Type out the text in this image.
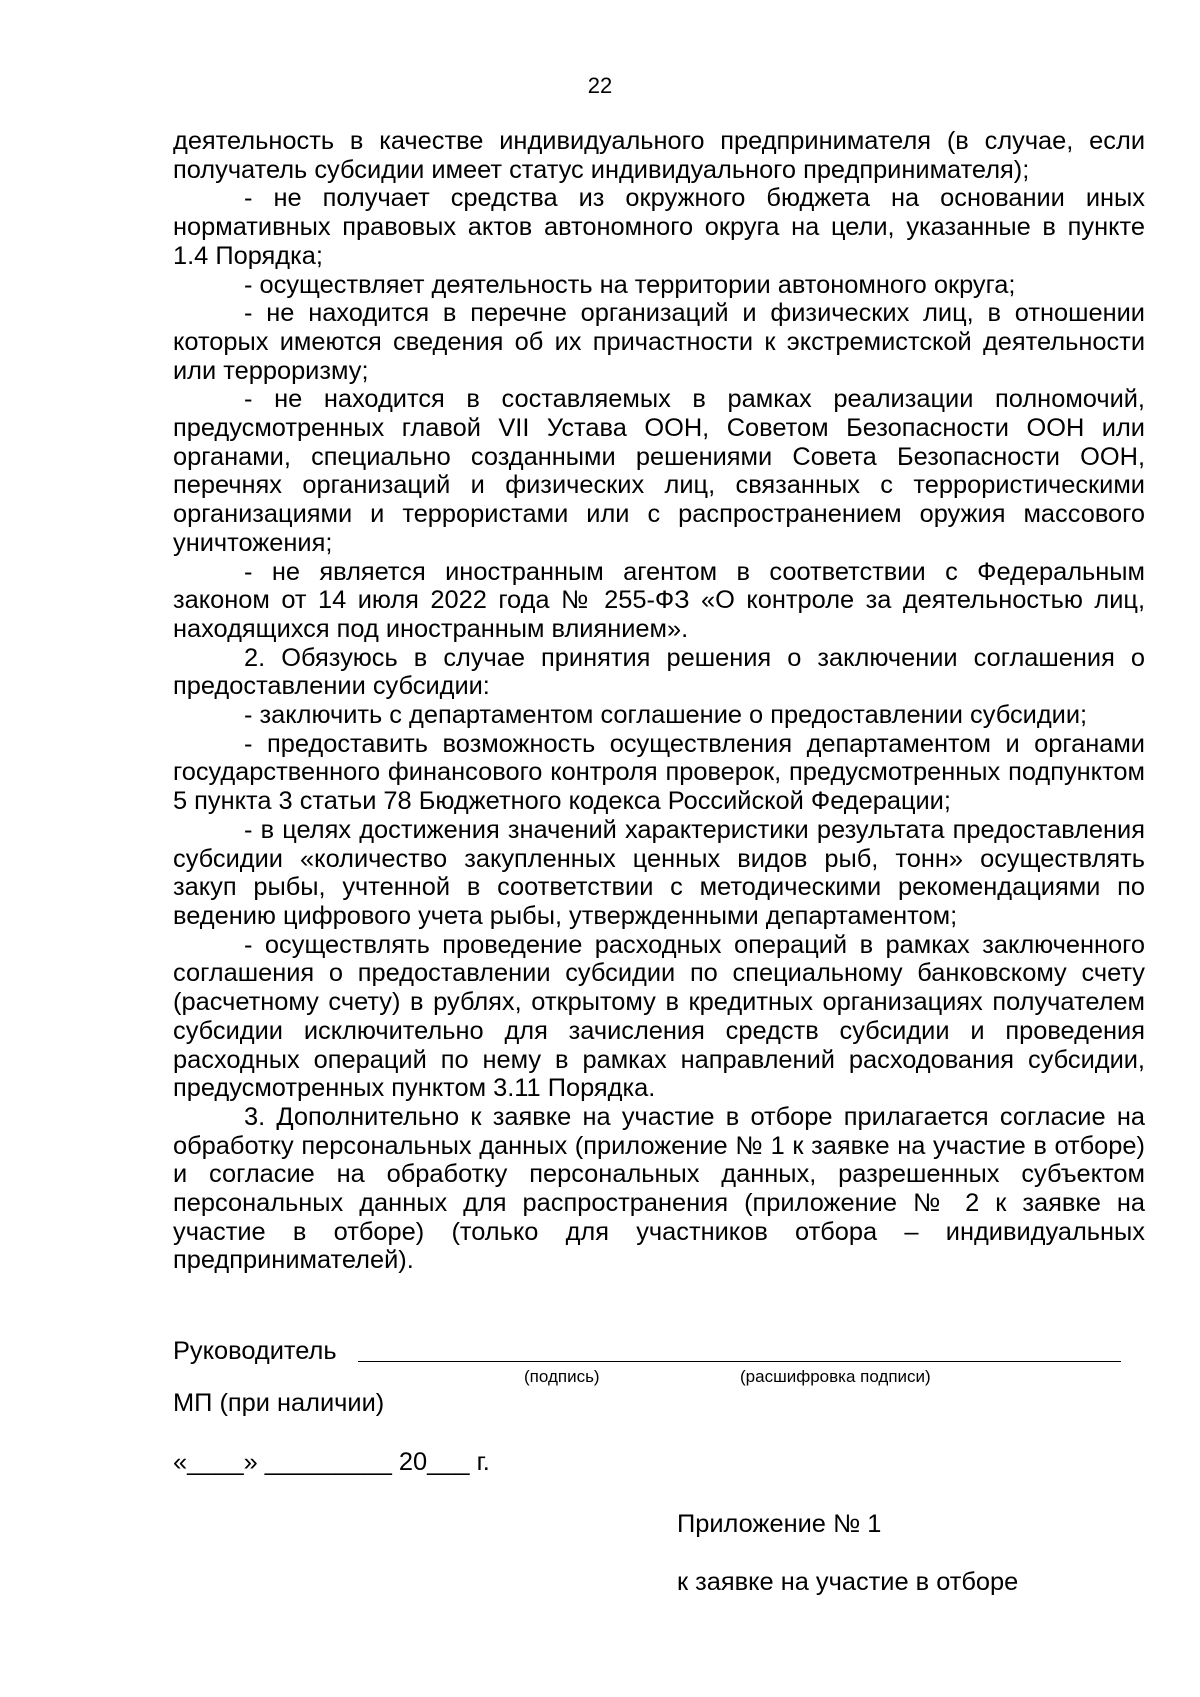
22

деятельность в качестве индивидуального предпринимателя (в случае, если получатель субсидии имеет статус индивидуального предпринимателя);

- не получает средства из окружного бюджета на основании иных нормативных правовых актов автономного округа на цели, указанные в пункте 1.4 Порядка;

- осуществляет деятельность на территории автономного округа;

- не находится в перечне организаций и физических лиц, в отношении которых имеются сведения об их причастности к экстремистской деятельности или терроризму;

- не находится в составляемых в рамках реализации полномочий, предусмотренных главой VII Устава ООН, Советом Безопасности ООН или органами, специально созданными решениями Совета Безопасности ООН, перечнях организаций и физических лиц, связанных с террористическими организациями и террористами или с распространением оружия массового уничтожения;

- не является иностранным агентом в соответствии с Федеральным законом от 14 июля 2022 года № 255-ФЗ «О контроле за деятельностью лиц, находящихся под иностранным влиянием».

2. Обязуюсь в случае принятия решения о заключении соглашения о предоставлении субсидии:

- заключить с департаментом соглашение о предоставлении субсидии;

- предоставить возможность осуществления департаментом и органами государственного финансового контроля проверок, предусмотренных подпунктом 5 пункта 3 статьи 78 Бюджетного кодекса Российской Федерации;

- в целях достижения значений характеристики результата предоставления субсидии «количество закупленных ценных видов рыб, тонн» осуществлять закуп рыбы, учтенной в соответствии с методическими рекомендациями по ведению цифрового учета рыбы, утвержденными департаментом;

- осуществлять проведение расходных операций в рамках заключенного соглашения о предоставлении субсидии по специальному банковскому счету (расчетному счету) в рублях, открытому в кредитных организациях получателем субсидии исключительно для зачисления средств субсидии и проведения расходных операций по нему в рамках направлений расходования субсидии, предусмотренных пунктом 3.11 Порядка.

3. Дополнительно к заявке на участие в отборе прилагается согласие на обработку персональных данных (приложение № 1 к заявке на участие в отборе) и согласие на обработку персональных данных, разрешенных субъектом персональных данных для распространения (приложение № 2 к заявке на участие в отборе) (только для участников отбора – индивидуальных предпринимателей).

Руководитель
(подпись)	(расшифровка подписи)
МП (при наличии)
«____» _________ 20___ г.
Приложение № 1
к заявке на участие в отборе
